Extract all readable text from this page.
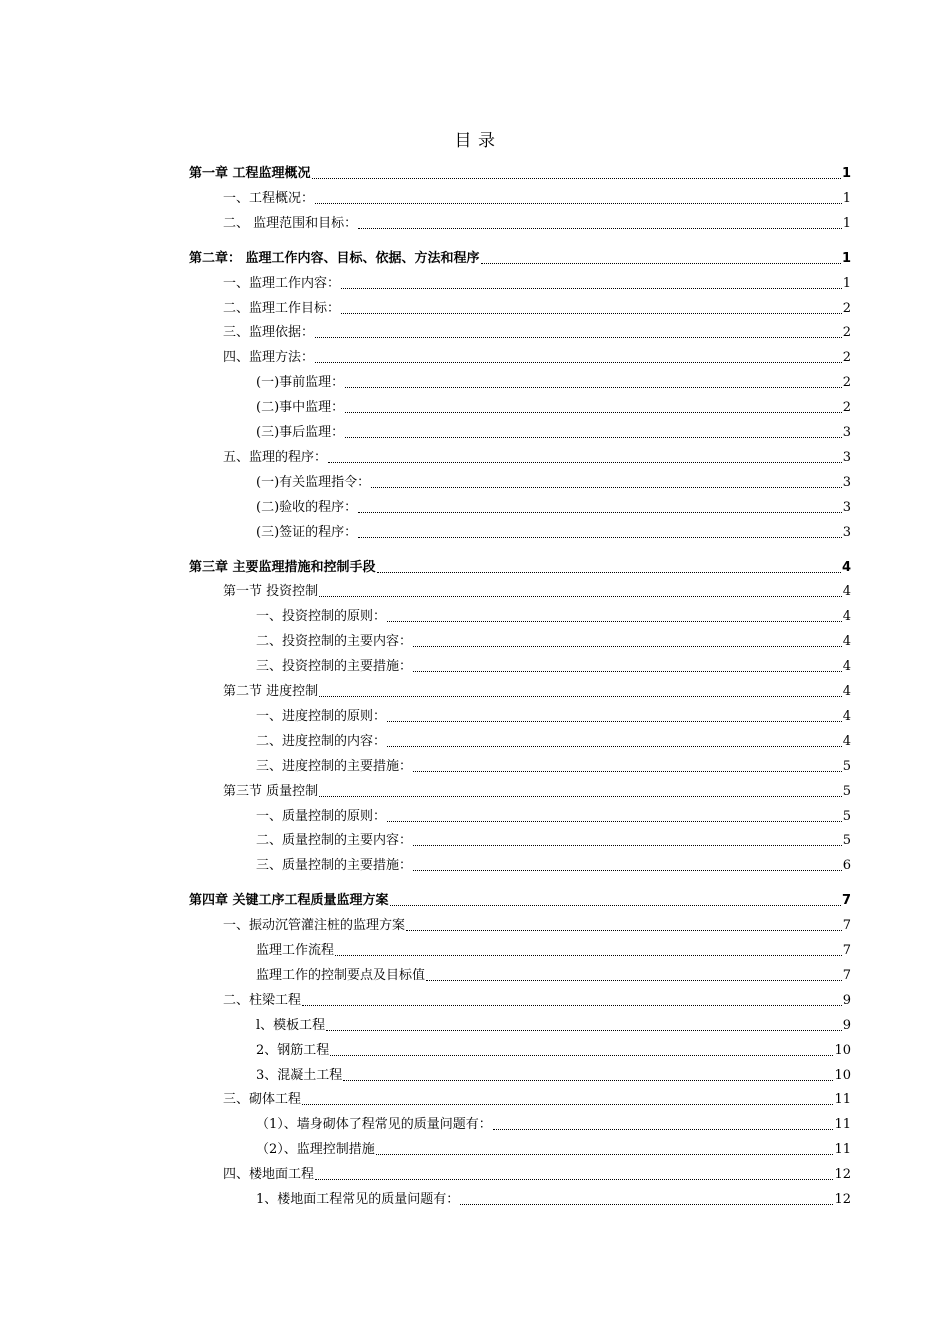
目 录
第一章 工程监理概况	1
一、工程概况：	1
二、 监理范围和目标：	1
第二章： 监理工作内容、目标、依据、方法和程序	1
一、监理工作内容：	1
二、监理工作目标：	2
三、监理依据：	2
四、监理方法：	2
(一)事前监理：	2
(二)事中监理：	2
(三)事后监理：	3
五、监理的程序：	3
(一)有关监理指令：	3
(二)验收的程序：	3
(三)签证的程序：	3
第三章 主要监理措施和控制手段	4
第一节 投资控制	4
一、投资控制的原则：	4
二、投资控制的主要内容：	4
三、投资控制的主要措施：	4
第二节 进度控制	4
一、进度控制的原则：	4
二、进度控制的内容：	4
三、进度控制的主要措施：	5
第三节 质量控制	5
一、质量控制的原则：	5
二、质量控制的主要内容：	5
三、质量控制的主要措施：	6
第四章 关键工序工程质量监理方案	7
一、振动沉管灌注桩的监理方案	7
监理工作流程	7
监理工作的控制要点及目标值	7
二、柱梁工程	9
l、模板工程	9
2、钢筋工程	10
3、混凝土工程	10
三、砌体工程	11
（1）、墙身砌体了程常见的质量问题有：	11
（2）、监理控制措施	11
四、楼地面工程	12
1、楼地面工程常见的质量问题有：	12
